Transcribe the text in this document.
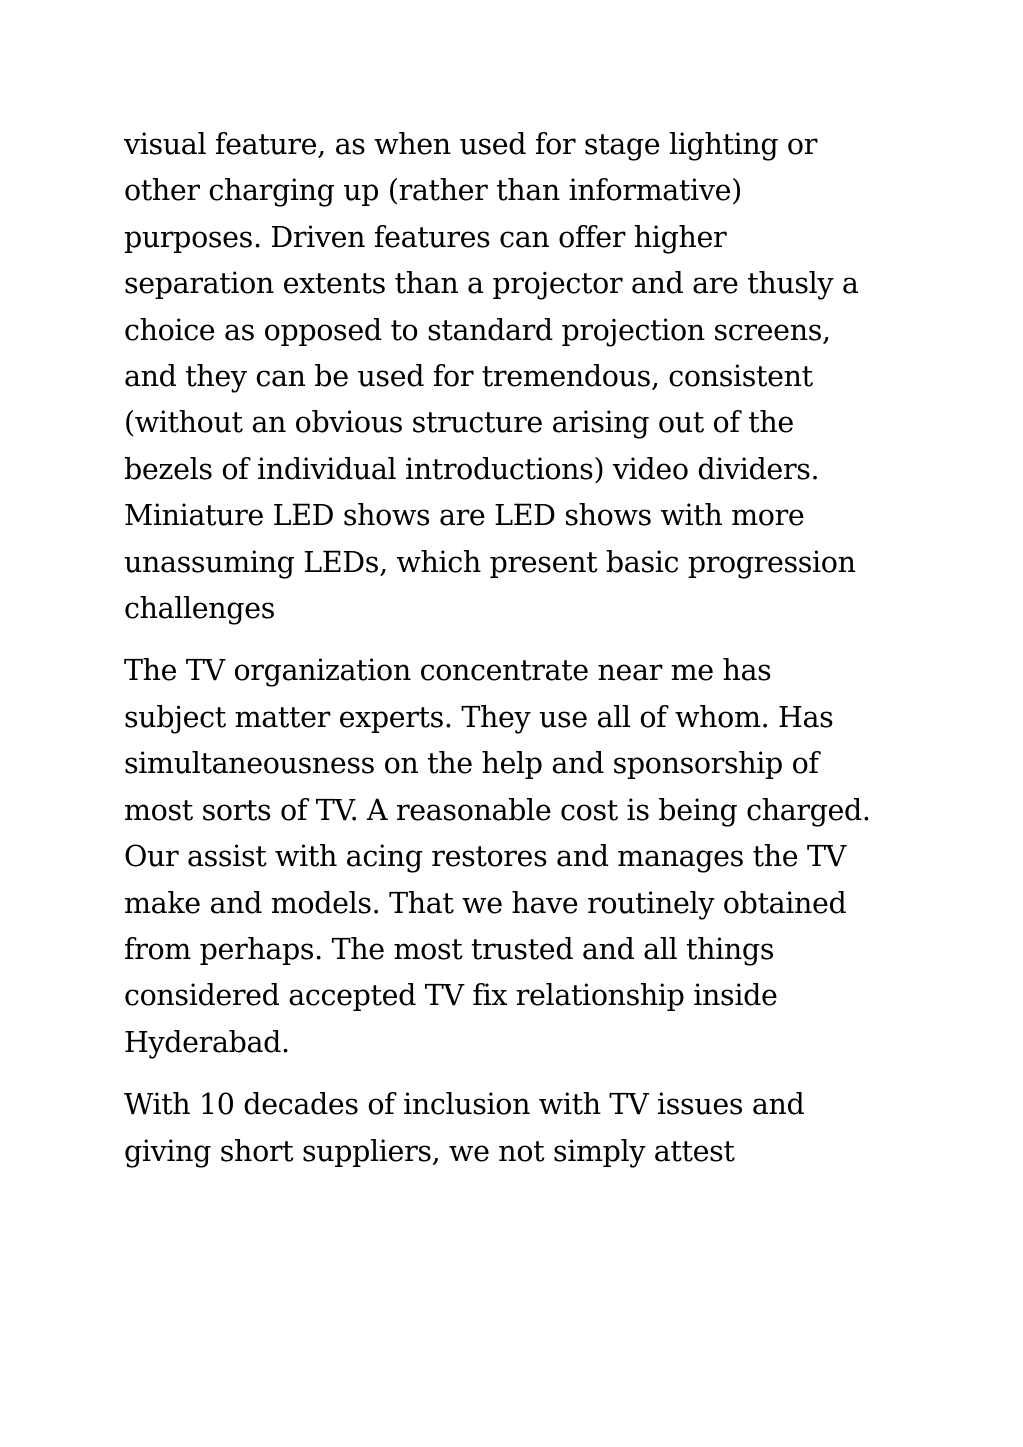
visual feature, as when used for stage lighting or
other charging up (rather than informative)
purposes. Driven features can offer higher
separation extents than a projector and are thusly a
choice as opposed to standard projection screens,
and they can be used for tremendous, consistent
(without an obvious structure arising out of the
bezels of individual introductions) video dividers.
Miniature LED shows are LED shows with more
unassuming LEDs, which present basic progression
challenges

The TV organization concentrate near me has
subject matter experts. They use all of whom. Has
simultaneousness on the help and sponsorship of
most sorts of TV. A reasonable cost is being charged.
Our assist with acing restores and manages the TV
make and models. That we have routinely obtained
from perhaps. The most trusted and all things
considered accepted TV fix relationship inside
Hyderabad.

With 10 decades of inclusion with TV issues and
giving short suppliers, we not simply attest
